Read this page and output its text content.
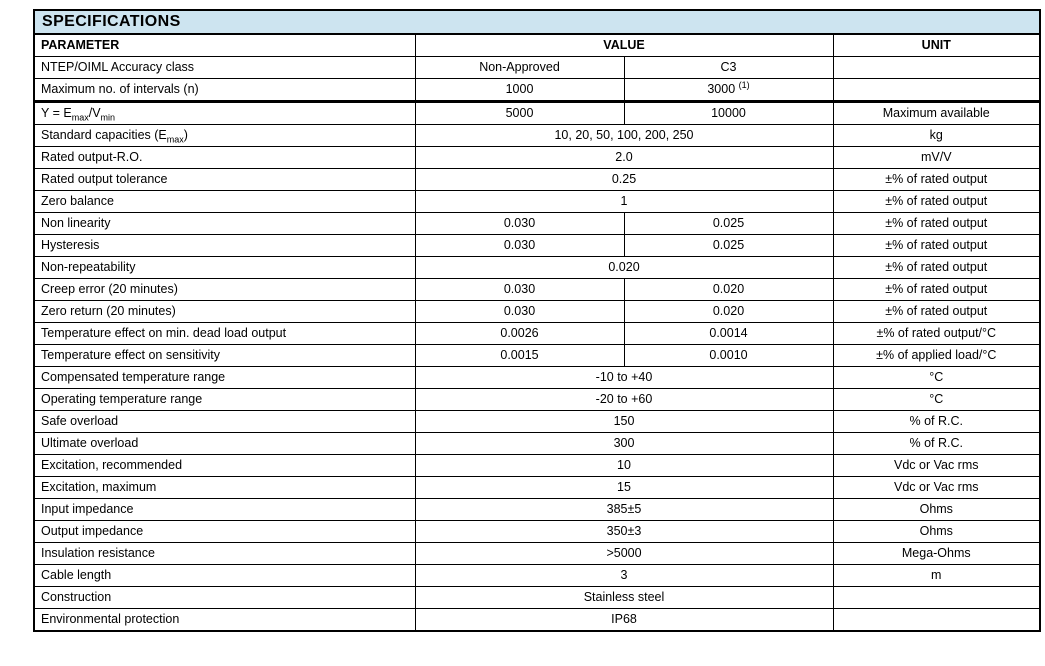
SPECIFICATIONS			
PARAMETER	VALUE		UNIT
NTEP/OIML Accuracy class	Non-Approved	C3	
Maximum no. of intervals (n)	1000	3000 $^{(1)}$	
$Y = E_{max}/V_{min}$	5000	10000	Maximum available
Standard capacities $(E_{max})$	10, 20, 50, 100, 200, 250		kg
Rated output-R.O.	2.0		mV/V
Rated output tolerance	0.25		±% of rated output
Zero balance	1		±% of rated output
Non linearity	0.030	0.025	±% of rated output
Hysteresis	0.030	0.025	±% of rated output
Non-repeatability	0.020		±% of rated output
Creep error (20 minutes)	0.030	0.020	±% of rated output
Zero return (20 minutes)	0.030	0.020	±% of rated output
Temperature effect on min. dead load output	0.0026	0.0014	±% of rated output/°C
Temperature effect on sensitivity	0.0015	0.0010	±% of applied load/°C
Compensated temperature range	-10 to +40		°C
Operating temperature range	-20 to +60		°C
Safe overload	150		% of R.C.
Ultimate overload	300		% of R.C.
Excitation, recommended	10		Vdc or Vac rms
Excitation, maximum	15		Vdc or Vac rms
Input impedance	385±5		Ohms
Output impedance	350±3		Ohms
Insulation resistance	>5000		Mega-Ohms
Cable length	3		m
Construction	Stainless steel		
Environmental protection	IP68		
